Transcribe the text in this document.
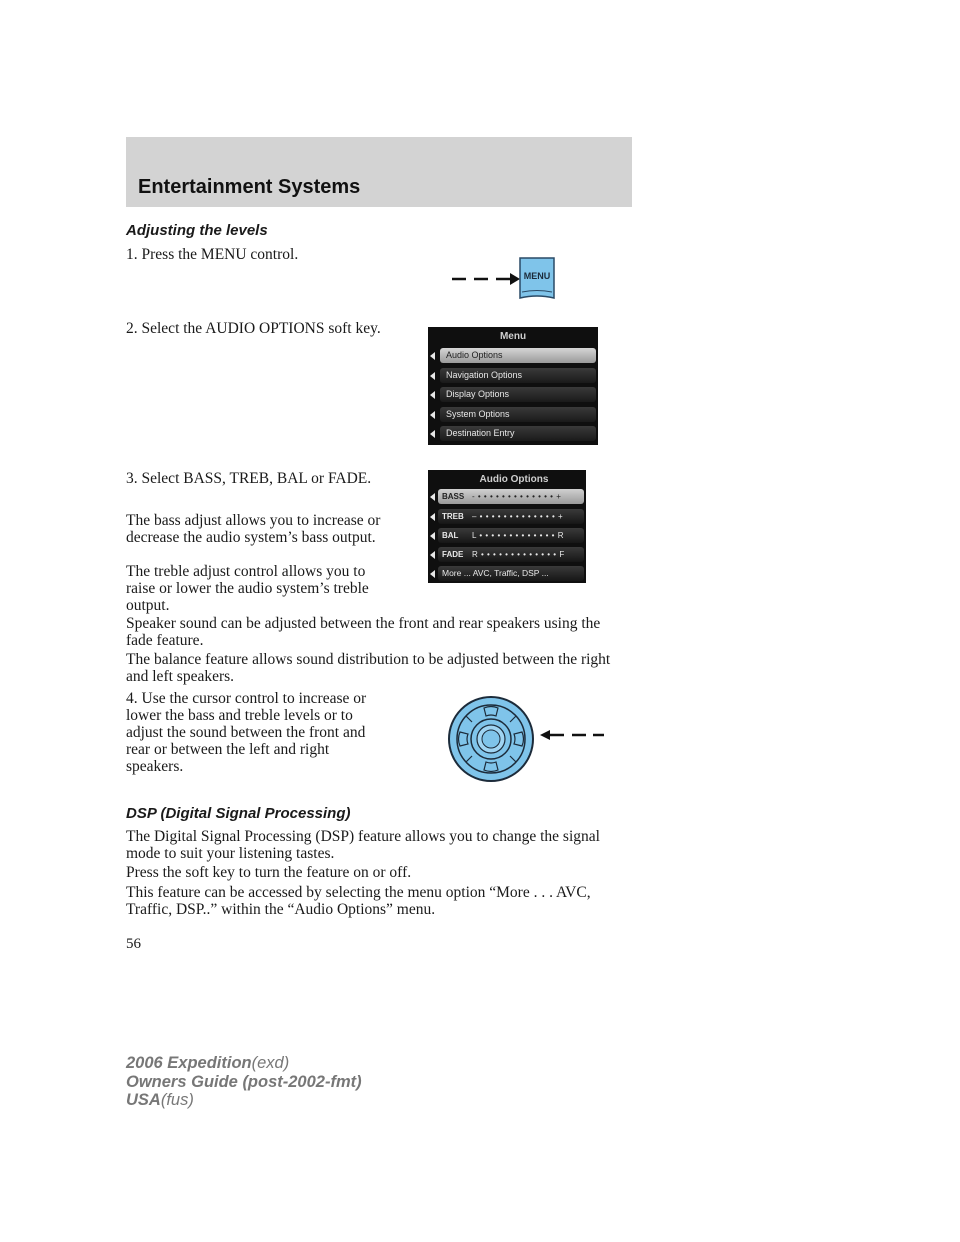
Entertainment Systems
Adjusting the levels

1. Press the MENU control.

MENU

2. Select the AUDIO OPTIONS soft key.	Menu
Audio Options
Navigation Options
Display Options
System Options
Destination Entry

3. Select BASS, TREB, BAL or FADE.

The bass adjust allows you to increase or decrease the audio system’s bass output.

The treble adjust control allows you to raise or lower the audio system’s treble output.

Audio Options
BASS - • • • • • • • • • • • • • +
TREB – • • • • • • • • • • • • • +
BAL L • • • • • • • • • • • • • R
FADE R • • • • • • • • • • • • • F
More ... AVC, Traffic, DSP ...

Speaker sound can be adjusted between the front and rear speakers using the fade feature.

The balance feature allows sound distribution to be adjusted between the right and left speakers.

4. Use the cursor control to increase or lower the bass and treble levels or to adjust the sound between the front and rear or between the left and right speakers.

DSP (Digital Signal Processing)

The Digital Signal Processing (DSP) feature allows you to change the signal mode to suit your listening tastes.

Press the soft key to turn the feature on or off.

This feature can be accessed by selecting the menu option “More . . . AVC, Traffic, DSP..” within the “Audio Options” menu.

56

2006 Expedition(exd)
Owners Guide (post-2002-fmt)
USA(fus)
